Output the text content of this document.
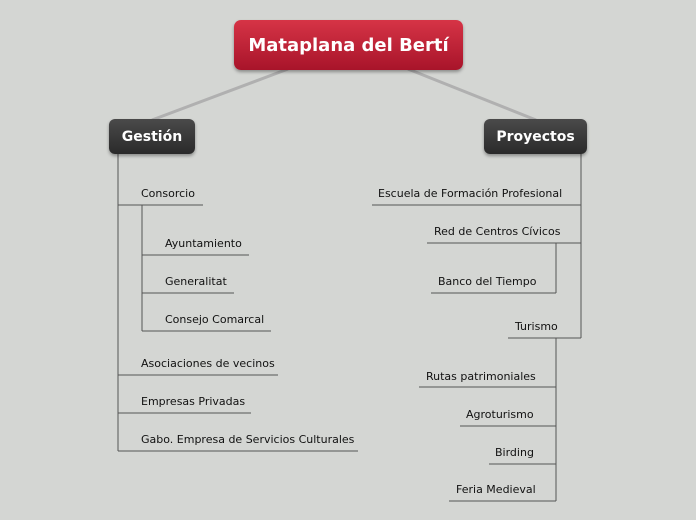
Mataplana del Bertí
Gestión	Proyectos
Consorcio
Ayuntamiento
Generalitat
Consejo Comarcal
Asociaciones de vecinos
Empresas Privadas
Gabo. Empresa de Servicios Culturales
Escuela de Formación Profesional
Red de Centros Cívicos
Banco del Tiempo
Turismo
Rutas patrimoniales
Agroturismo
Birding
Feria Medieval
